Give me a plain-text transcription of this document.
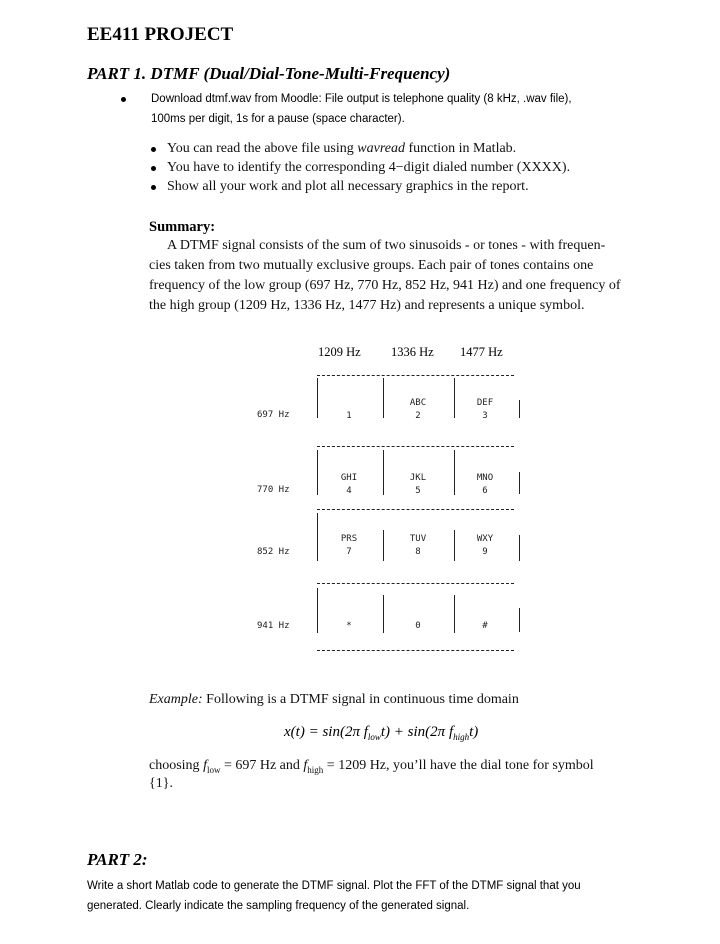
EE411 PROJECT
PART 1. DTMF (Dual/Dial-Tone-Multi-Frequency)
Download dtmf.wav from Moodle: File output is telephone quality (8 kHz, .wav file),
100ms per digit, 1s for a pause (space character).
You can read the above file using wavread function in Matlab.
You have to identify the corresponding 4−digit dialed number (XXXX).
Show all your work and plot all necessary graphics in the report.
Summary:
A DTMF signal consists of the sum of two sinusoids - or tones - with frequen-
cies taken from two mutually exclusive groups. Each pair of tones contains one
frequency of the low group (697 Hz, 770 Hz, 852 Hz, 941 Hz) and one frequency of
the high group (1209 Hz, 1336 Hz, 1477 Hz) and represents a unique symbol.
1209 Hz 1336 Hz 1477 Hz
697 Hz
770 Hz
852 Hz
941 Hz
1
ABC
2
DEF
3
GHI
4
JKL
5
MNO
6
PRS
7
TUV
8
WXY
9
*	0	#
Example: Following is a DTMF signal in continuous time domain
x(t) = sin(2π $f_{low}t) + \sin(2\pi$ $f_{high}t$)
choosing $f_{low} = 697$ Hz and $f_{high} = 1209$ Hz, you’ll have the dial tone for symbol
{1}.
PART 2:
Write a short Matlab code to generate the DTMF signal. Plot the FFT of the DTMF signal that you
generated. Clearly indicate the sampling frequency of the generated signal.
